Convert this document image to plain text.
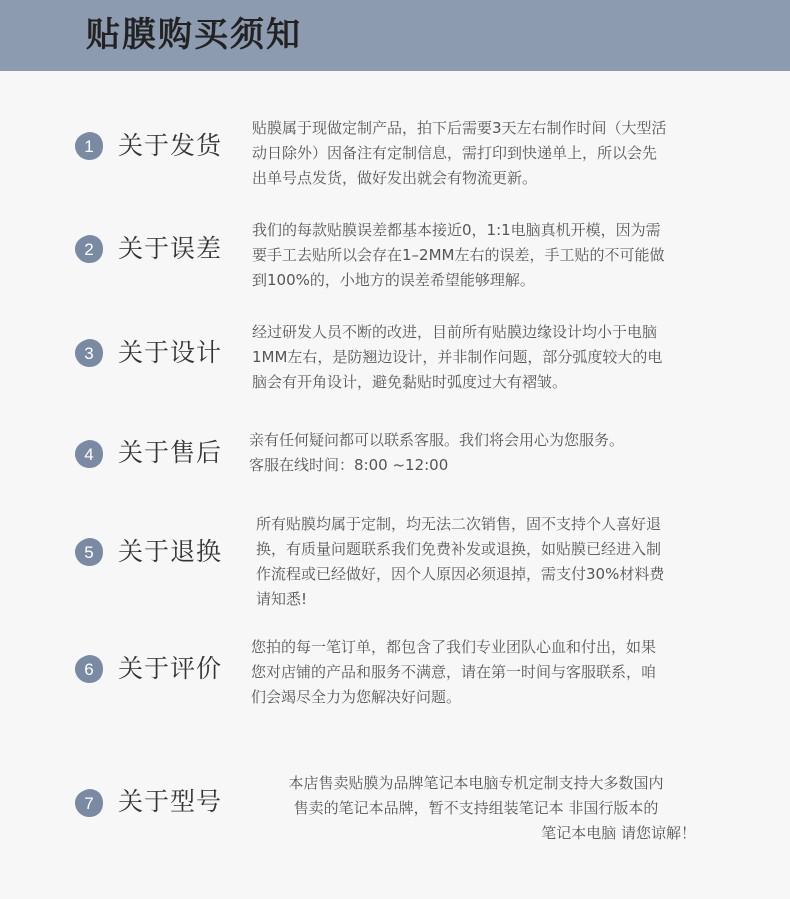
贴膜购买须知
1 关于发货
贴膜属于现做定制产品，拍下后需要3天左右制作时间（大型活
动日除外）因备注有定制信息，需打印到快递单上，所以会先
出单号点发货，做好发出就会有物流更新。
2 关于误差
我们的每款贴膜误差都基本接近0，1:1电脑真机开模，因为需
要手工去贴所以会存在1–2MM左右的误差，手工贴的不可能做
到100%的，小地方的误差希望能够理解。
3 关于设计
经过研发人员不断的改进，目前所有贴膜边缘设计均小于电脑
1MM左右，是防翘边设计，并非制作问题，部分弧度较大的电
脑会有开角设计，避免黏贴时弧度过大有褶皱。
4 关于售后 亲有任何疑问都可以联系客服。我们将会用心为您服务。
客服在线时间：8:00 ~12:00
5 关于退换
所有贴膜均属于定制，均无法二次销售，固不支持个人喜好退
换，有质量问题联系我们免费补发或退换，如贴膜已经进入制
作流程或已经做好，因个人原因必须退掉，需支付30%材料费
请知悉!
6 关于评价
您拍的每一笔订单，都包含了我们专业团队心血和付出，如果
您对店铺的产品和服务不满意，请在第一时间与客服联系，咱
们会竭尽全力为您解决好问题。
7 关于型号
本店售卖贴膜为品牌笔记本电脑专机定制支持大多数国内
售卖的笔记本品牌，暂不支持组装笔记本 非国行版本的
笔记本电脑 请您谅解！
